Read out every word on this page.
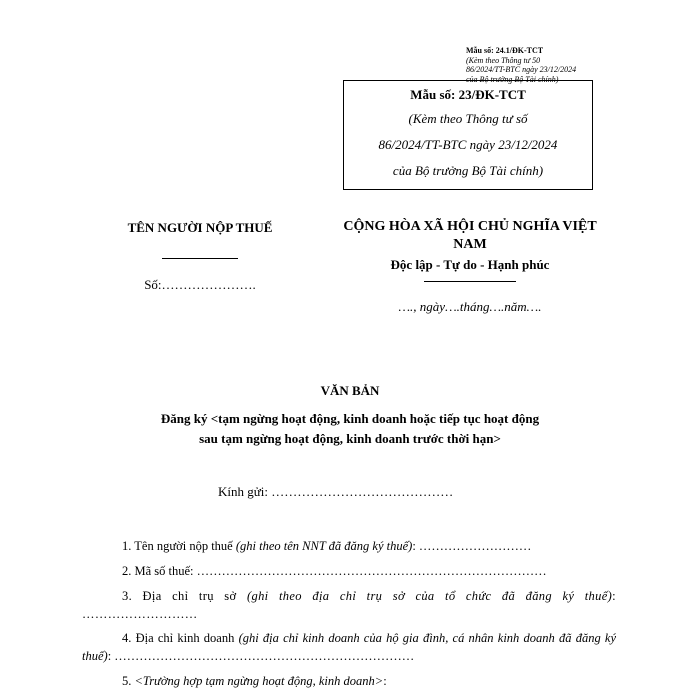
Mẫu số: 24.1/ĐK-TCT
(Kèm theo Thông tư 50
86/2024/TT-BTC ngày 23/12/2024
của Bộ trưởng Bộ Tài chính)
Mẫu số: 23/ĐK-TCT
(Kèm theo Thông tư số
86/2024/TT-BTC ngày 23/12/2024
của Bộ trưởng Bộ Tài chính)
TÊN NGƯỜI NỘP THUẾ
Số:………………….
CỘNG HÒA XÃ HỘI CHỦ NGHĨA VIỆT
NAM
Độc lập - Tự do - Hạnh phúc
…., ngày….tháng….năm….
VĂN BẢN
Đăng ký <tạm ngừng hoạt động, kinh doanh hoặc tiếp tục hoạt động
sau tạm ngừng hoạt động, kinh doanh trước thời hạn>
Kính gửi: ……………………………………
1. Tên người nộp thuế (ghi theo tên NNT đã đăng ký thuế): ………………………
2. Mã số thuế: …………………………………………………………………………
3. Địa chỉ trụ sở (ghi theo địa chỉ trụ sở của tổ chức đã đăng ký thuế): ………………………
4. Địa chỉ kinh doanh (ghi địa chỉ kinh doanh của hộ gia đình, cá nhân kinh doanh đã đăng ký thuế): ………………………………………………………………
5. <Trường hợp tạm ngừng hoạt động, kinh doanh>:
